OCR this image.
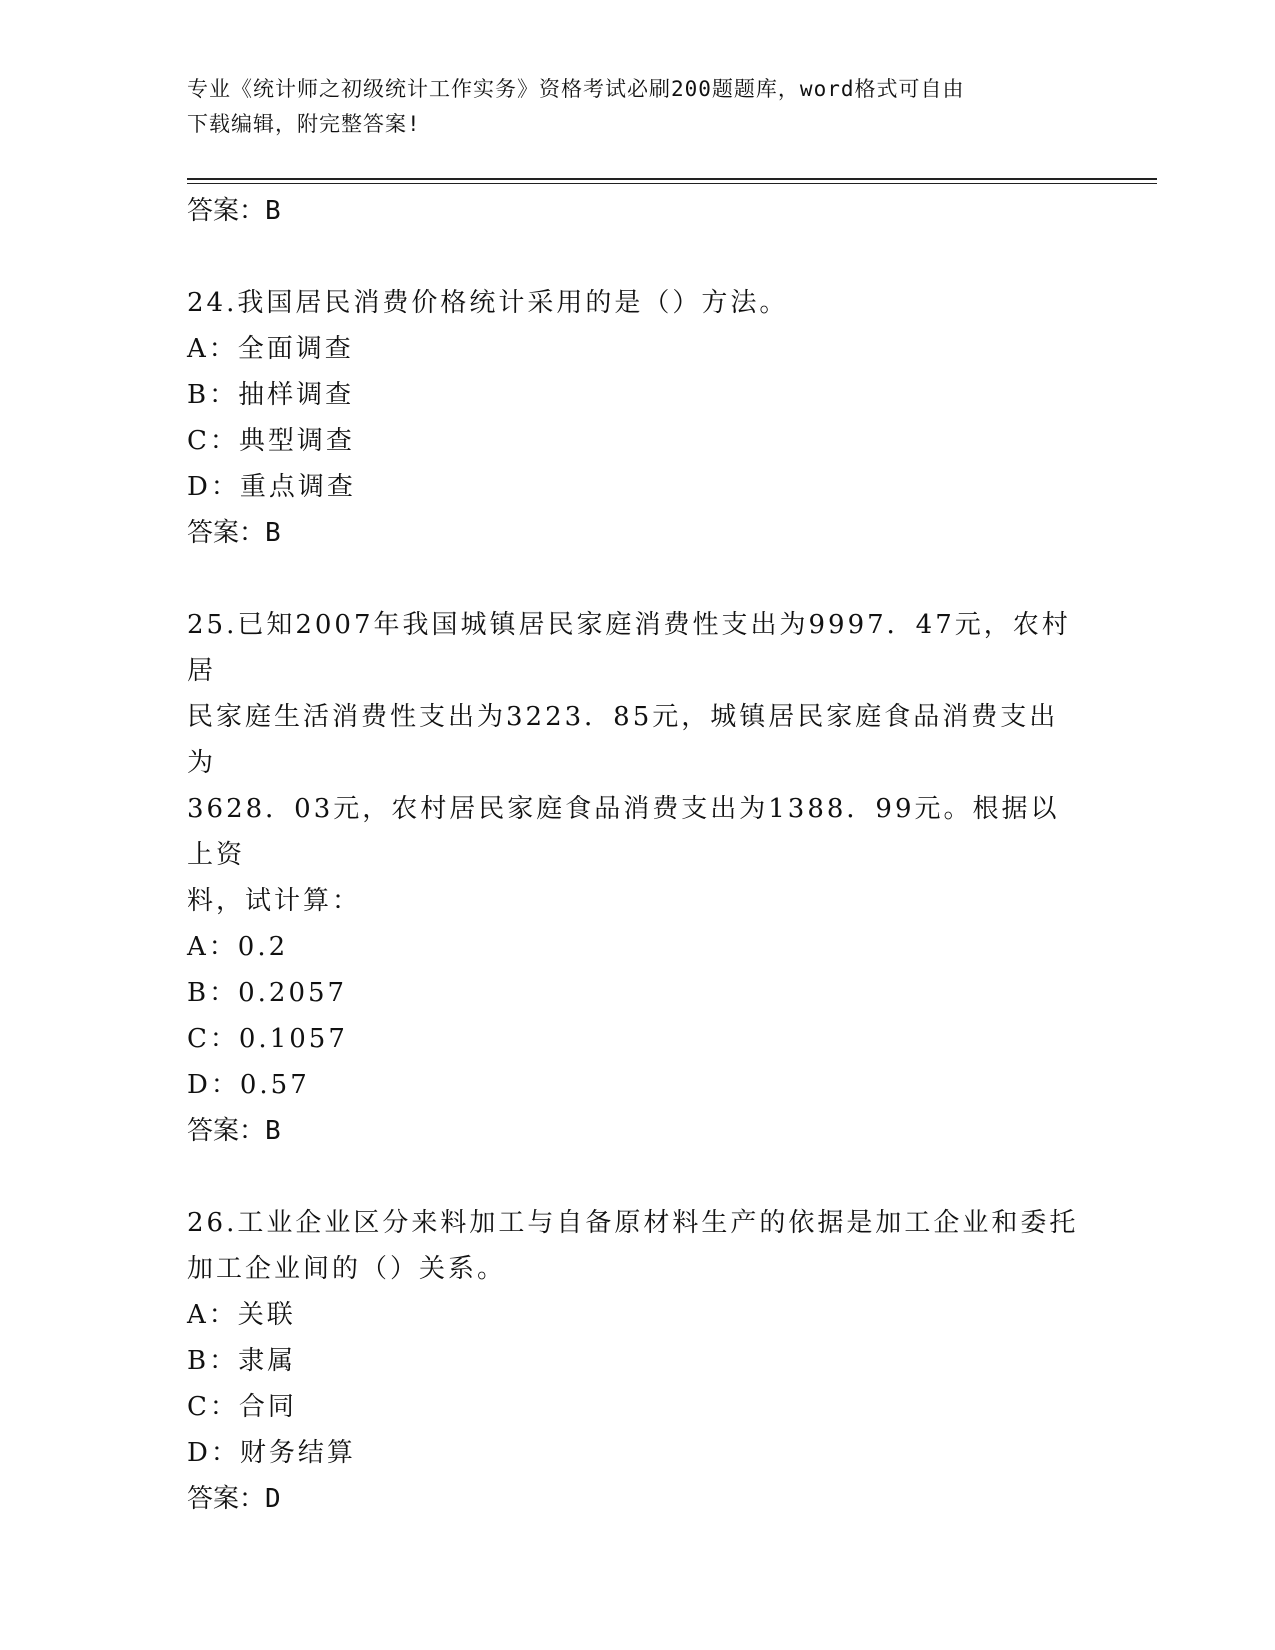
专业《统计师之初级统计工作实务》资格考试必刷200题题库，word格式可自由
下载编辑，附完整答案!
答案：B
24.我国居民消费价格统计采用的是（）方法。
A：全面调查
B：抽样调查
C：典型调查
D：重点调查
答案：B
25.已知2007年我国城镇居民家庭消费性支出为9997．47元，农村居
民家庭生活消费性支出为3223．85元，城镇居民家庭食品消费支出为
3628．03元，农村居民家庭食品消费支出为1388．99元。根据以上资
料，试计算：
A：0.2
B：0.2057
C：0.1057
D：0.57
答案：B
26.工业企业区分来料加工与自备原材料生产的依据是加工企业和委托
加工企业间的（）关系。
A：关联
B：隶属
C：合同
D：财务结算
答案：D
